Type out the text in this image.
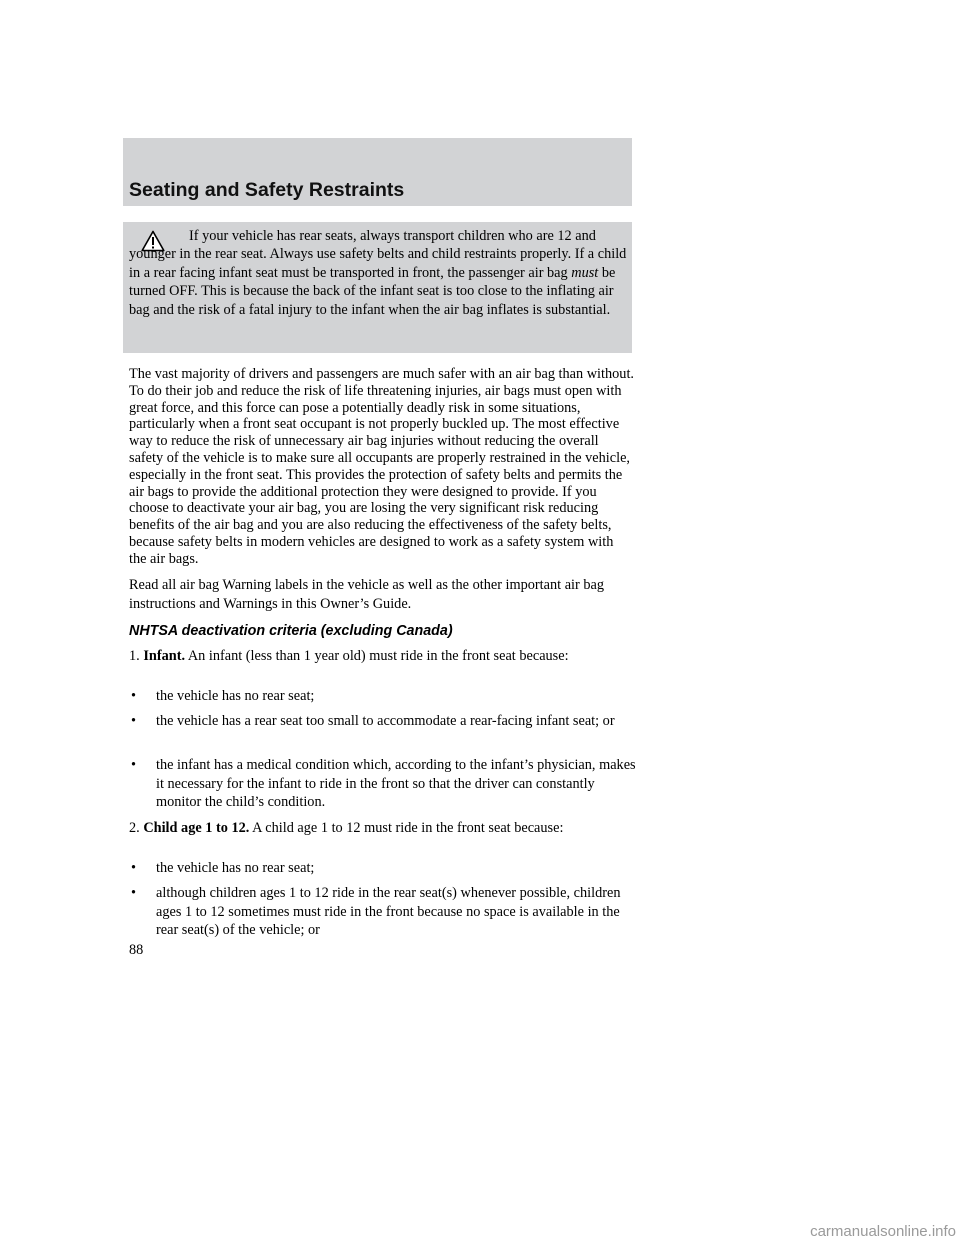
Seating and Safety Restraints

If your vehicle has rear seats, always transport children who are 12 and younger in the rear seat. Always use safety belts and child restraints properly. If a child in a rear facing infant seat must be transported in front, the passenger air bag must be turned OFF. This is because the back of the infant seat is too close to the inflating air bag and the risk of a fatal injury to the infant when the air bag inflates is substantial.

The vast majority of drivers and passengers are much safer with an air bag than without. To do their job and reduce the risk of life threatening injuries, air bags must open with great force, and this force can pose a potentially deadly risk in some situations, particularly when a front seat occupant is not properly buckled up. The most effective way to reduce the risk of unnecessary air bag injuries without reducing the overall safety of the vehicle is to make sure all occupants are properly restrained in the vehicle, especially in the front seat. This provides the protection of safety belts and permits the air bags to provide the additional protection they were designed to provide. If you choose to deactivate your air bag, you are losing the very significant risk reducing benefits of the air bag and you are also reducing the effectiveness of the safety belts, because safety belts in modern vehicles are designed to work as a safety system with the air bags.

Read all air bag Warning labels in the vehicle as well as the other important air bag instructions and Warnings in this Owner’s Guide.

NHTSA deactivation criteria (excluding Canada)

1. Infant. An infant (less than 1 year old) must ride in the front seat because:

• the vehicle has no rear seat;

• the vehicle has a rear seat too small to accommodate a rear-facing infant seat; or

• the infant has a medical condition which, according to the infant’s physician, makes it necessary for the infant to ride in the front so that the driver can constantly monitor the child’s condition.

2. Child age 1 to 12. A child age 1 to 12 must ride in the front seat because:

• the vehicle has no rear seat;

• although children ages 1 to 12 ride in the rear seat(s) whenever possible, children ages 1 to 12 sometimes must ride in the front because no space is available in the rear seat(s) of the vehicle; or

88

carmanualsonline.info
